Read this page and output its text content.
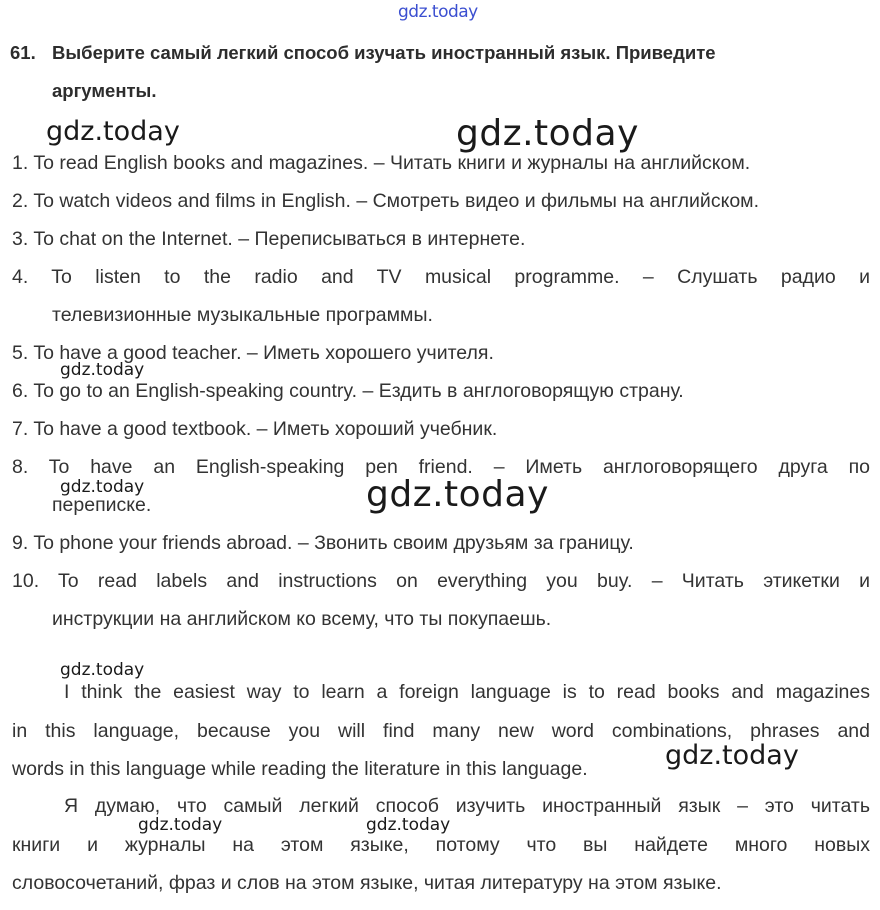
gdz.today
61. Выберите самый легкий способ изучать иностранный язык. Приведите
аргументы.
1. To read English books and magazines. – Читать книги и журналы на английском.
2. To watch videos and films in English. – Смотреть видео и фильмы на английском.
3. To chat on the Internet. – Переписываться в интернете.
4. To listen to the radio and TV musical programme. – Слушать радио и
телевизионные музыкальные программы.
5. To have a good teacher. – Иметь хорошего учителя.
6. To go to an English-speaking country. – Ездить в англоговорящую страну.
7. To have a good textbook. – Иметь хороший учебник.
8. To have an English-speaking pen friend. – Иметь англоговорящего друга по
переписке.
9. To phone your friends abroad. – Звонить своим друзьям за границу.
10. To read labels and instructions on everything you buy. – Читать этикетки и
инструкции на английском ко всему, что ты покупаешь.
I think the easiest way to learn a foreign language is to read books and magazines
in this language, because you will find many new word combinations, phrases and
words in this language while reading the literature in this language.
Я думаю, что самый легкий способ изучить иностранный язык – это читать
книги и журналы на этом языке, потому что вы найдете много новых
словосочетаний, фраз и слов на этом языке, читая литературу на этом языке.
gdz.today	gdz.today
gdz.today
gdz.today	gdz.today
gdz.today
gdz.today
gdz.today	gdz.today
